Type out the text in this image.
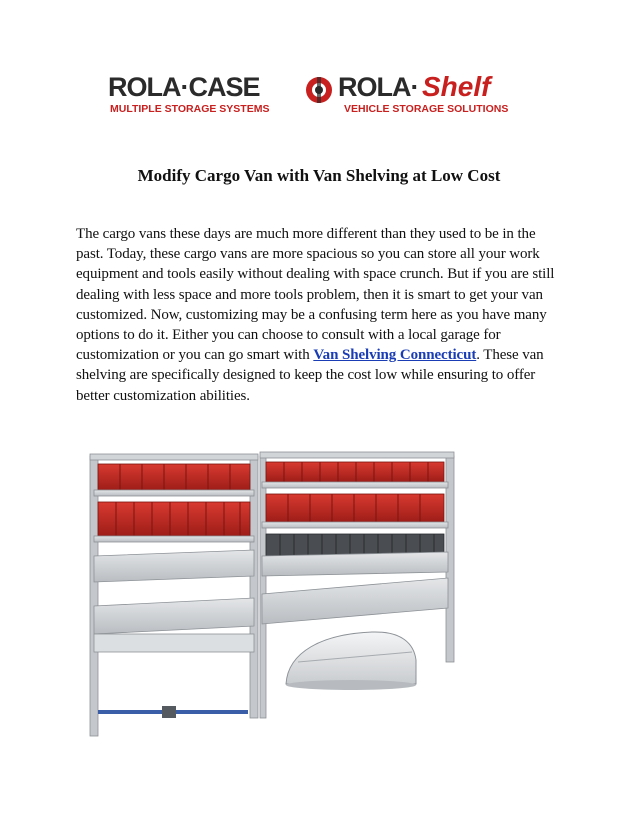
ROLA·CASE
MULTIPLE STORAGE SYSTEMS
ROLA· Shelf
VEHICLE STORAGE SOLUTIONS
Modify Cargo Van with Van Shelving at Low Cost
The cargo vans these days are much more different than they used to be in the past. Today, these cargo vans are more spacious so you can store all your work equipment and tools easily without dealing with space crunch. But if you are still dealing with less space and more tools problem, then it is smart to get your van customized. Now, customizing may be a confusing term here as you have many options to do it. Either you can choose to consult with a local garage for customization or you can go smart with Van Shelving Connecticut. These van shelving are specifically designed to keep the cost low while ensuring to offer better customization abilities.
